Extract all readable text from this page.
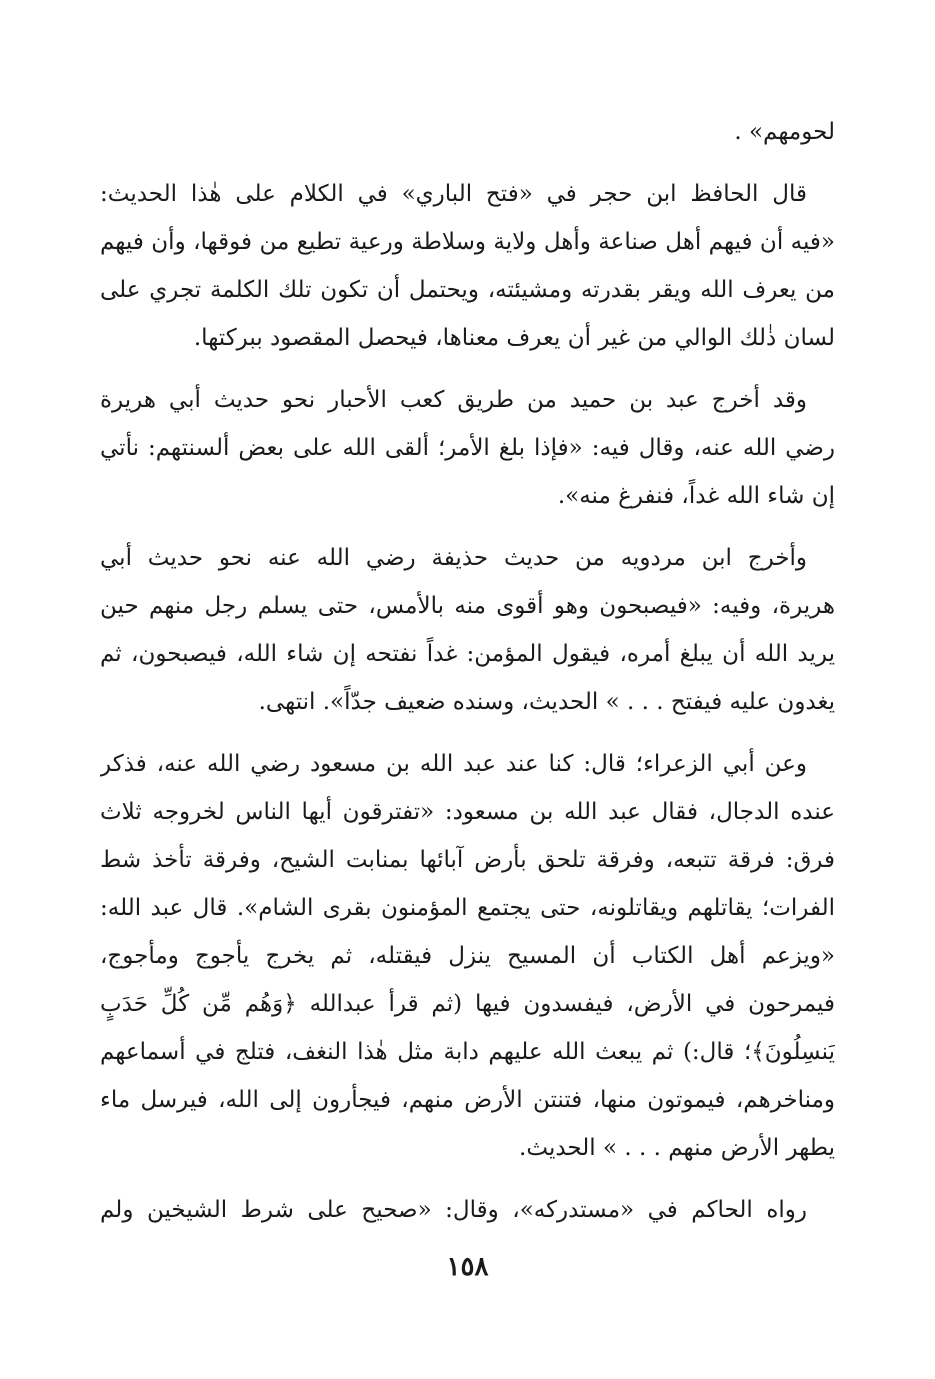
لحومهم» .
قال الحافظ ابن حجر في «فتح الباري» في الكلام على هٰذا الحديث:
«فيه أن فيهم أهل صناعة وأهل ولاية وسلاطة ورعية تطيع من فوقها، وأن فيهم
من يعرف الله ويقر بقدرته ومشيئته، ويحتمل أن تكون تلك الكلمة تجري على
لسان ذٰلك الوالي من غير أن يعرف معناها، فيحصل المقصود ببركتها.
وقد أخرج عبد بن حميد من طريق كعب الأحبار نحو حديث أبي هريرة
رضي الله عنه، وقال فيه: «فإذا بلغ الأمر؛ ألقى الله على بعض ألسنتهم: نأتي
إن شاء الله غداً، فنفرغ منه».
وأخرج ابن مردويه من حديث حذيفة رضي الله عنه نحو حديث أبي
هريرة، وفيه: «فيصبحون وهو أقوى منه بالأمس، حتى يسلم رجل منهم حين
يريد الله أن يبلغ أمره، فيقول المؤمن: غداً نفتحه إن شاء الله، فيصبحون، ثم
يغدون عليه فيفتح . . . » الحديث، وسنده ضعيف جدّاً». انتهى.
وعن أبي الزعراء؛ قال: كنا عند عبد الله بن مسعود رضي الله عنه، فذكر
عنده الدجال، فقال عبد الله بن مسعود: «تفترقون أيها الناس لخروجه ثلاث
فرق: فرقة تتبعه، وفرقة تلحق بأرض آبائها بمنابت الشيح، وفرقة تأخذ شط
الفرات؛ يقاتلهم ويقاتلونه، حتى يجتمع المؤمنون بقرى الشام». قال عبد الله:
«ويزعم أهل الكتاب أن المسيح ينزل فيقتله، ثم يخرج يأجوج ومأجوج،
فيمرحون في الأرض، فيفسدون فيها (ثم قرأ عبدالله ﴿وَهُم مِّن كُلِّ حَدَبٍ
يَنسِلُونَ﴾؛ قال:) ثم يبعث الله عليهم دابة مثل هٰذا النغف، فتلج في أسماعهم
ومناخرهم، فيموتون منها، فتنتن الأرض منهم، فيجأرون إلى الله، فيرسل ماء
يطهر الأرض منهم . . . » الحديث.
رواه الحاكم في «مستدركه»، وقال: «صحيح على شرط الشيخين ولم
١٥٨
